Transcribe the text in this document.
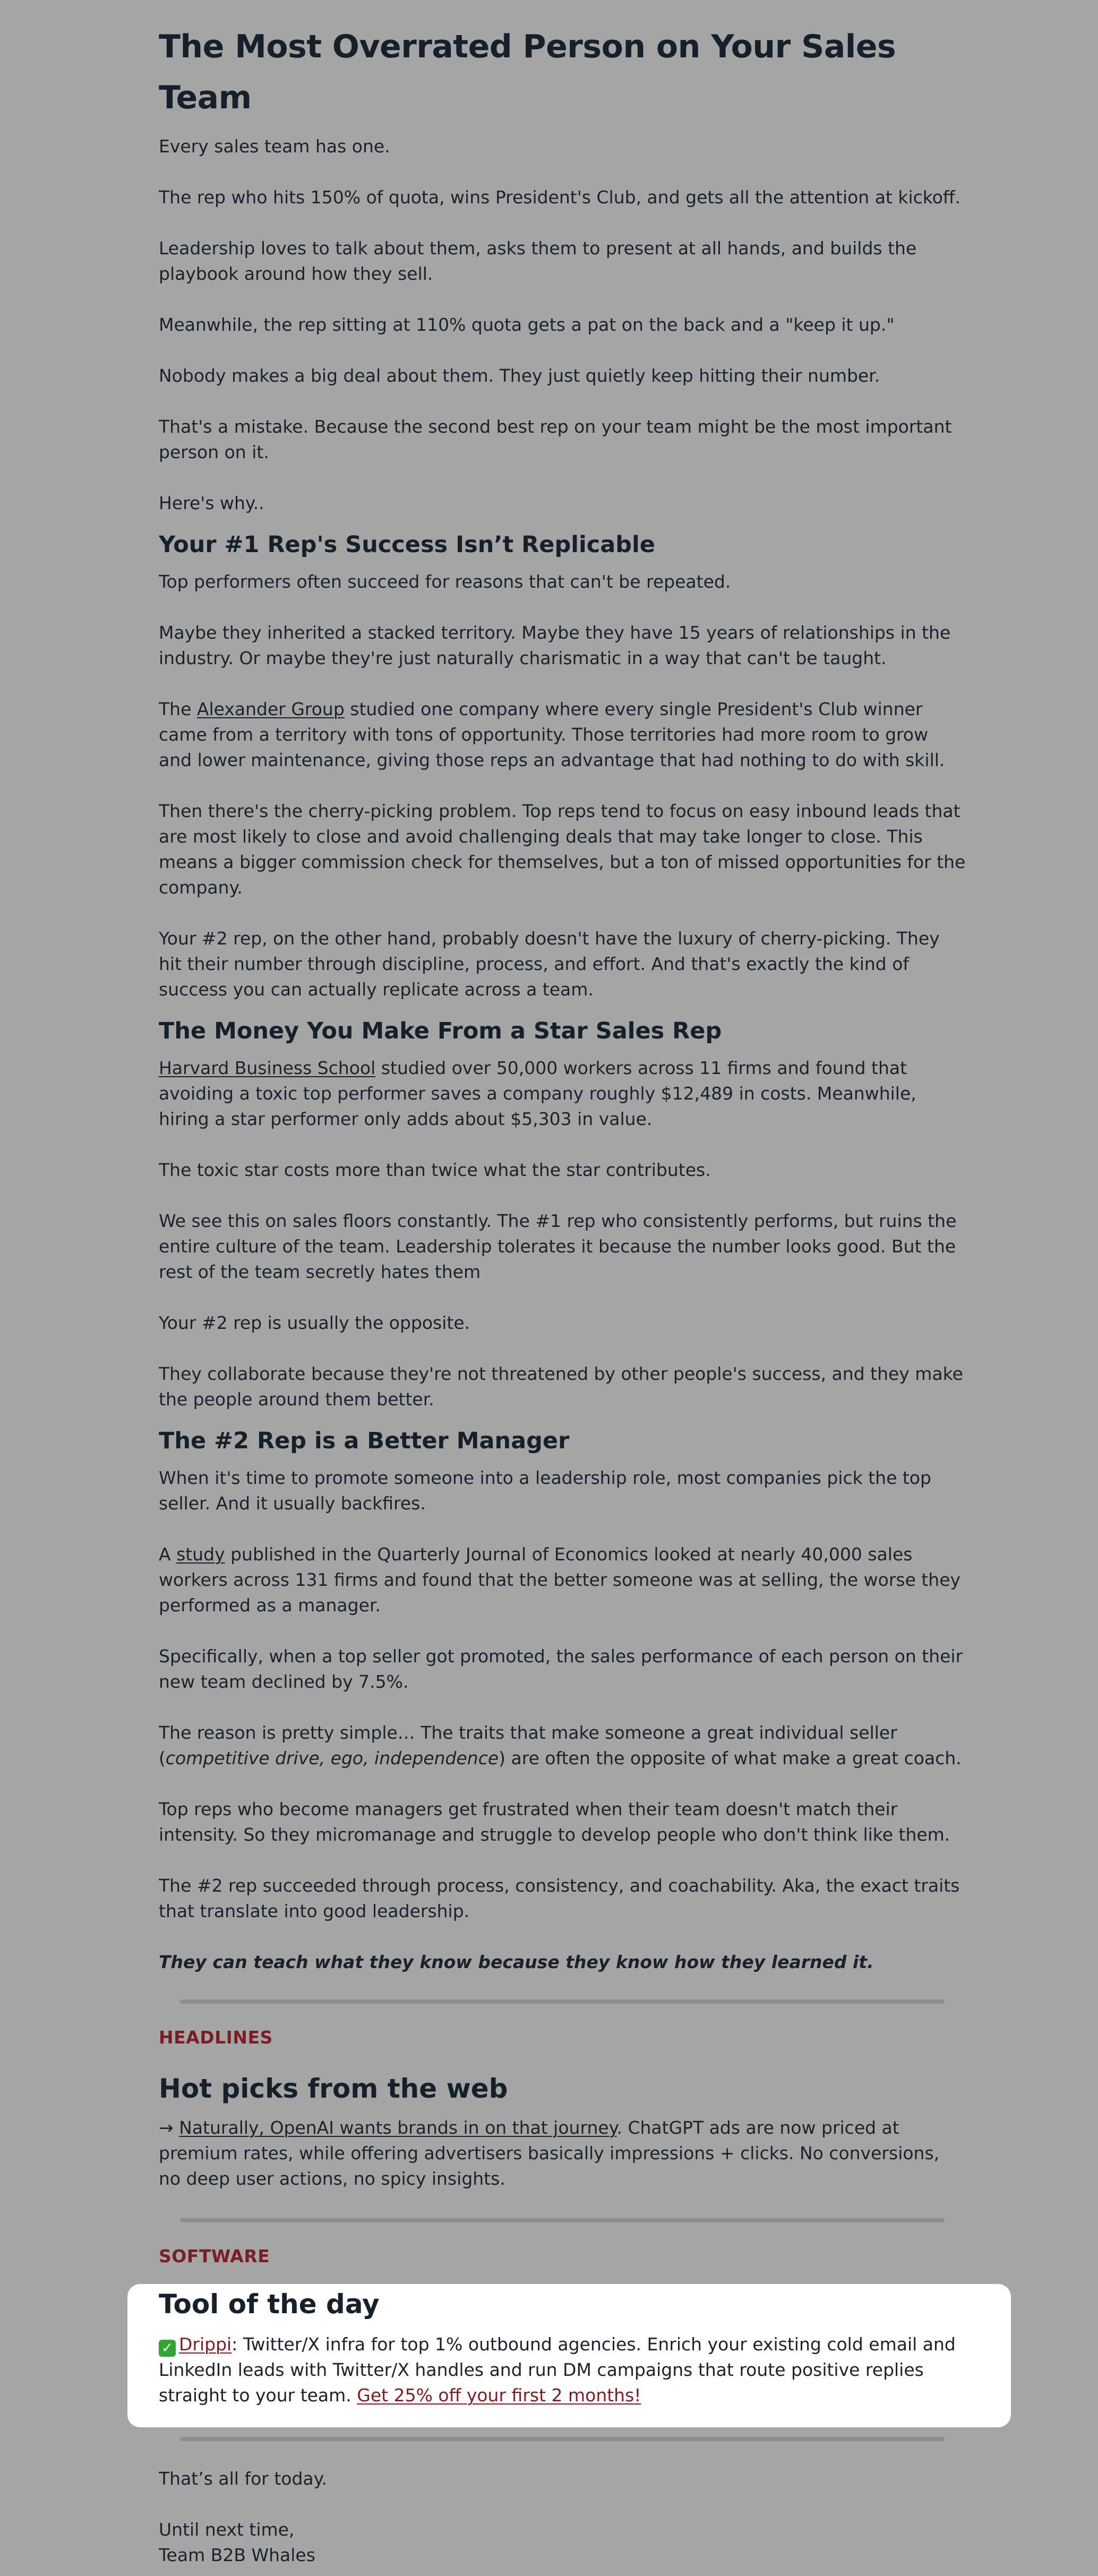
The Most Overrated Person on Your Sales Team

Every sales team has one.

The rep who hits 150% of quota, wins President's Club, and gets all the attention at kickoff.

Leadership loves to talk about them, asks them to present at all hands, and builds the playbook around how they sell.

Meanwhile, the rep sitting at 110% quota gets a pat on the back and a "keep it up."

Nobody makes a big deal about them. They just quietly keep hitting their number.

That's a mistake. Because the second best rep on your team might be the most important person on it.

Here's why..

Your #1 Rep's Success Isn’t Replicable

Top performers often succeed for reasons that can't be repeated.

Maybe they inherited a stacked territory. Maybe they have 15 years of relationships in the industry. Or maybe they're just naturally charismatic in a way that can't be taught.

The Alexander Group studied one company where every single President's Club winner came from a territory with tons of opportunity. Those territories had more room to grow and lower maintenance, giving those reps an advantage that had nothing to do with skill.

Then there's the cherry-picking problem. Top reps tend to focus on easy inbound leads that are most likely to close and avoid challenging deals that may take longer to close. This means a bigger commission check for themselves, but a ton of missed opportunities for the company.

Your #2 rep, on the other hand, probably doesn't have the luxury of cherry-picking. They hit their number through discipline, process, and effort. And that's exactly the kind of success you can actually replicate across a team.

The Money You Make From a Star Sales Rep

Harvard Business School studied over 50,000 workers across 11 firms and found that avoiding a toxic top performer saves a company roughly $12,489 in costs. Meanwhile, hiring a star performer only adds about $5,303 in value.

The toxic star costs more than twice what the star contributes.

We see this on sales floors constantly. The #1 rep who consistently performs, but ruins the entire culture of the team. Leadership tolerates it because the number looks good. But the rest of the team secretly hates them

Your #2 rep is usually the opposite.

They collaborate because they're not threatened by other people's success, and they make the people around them better.

The #2 Rep is a Better Manager

When it's time to promote someone into a leadership role, most companies pick the top seller. And it usually backfires.

A study published in the Quarterly Journal of Economics looked at nearly 40,000 sales workers across 131 firms and found that the better someone was at selling, the worse they performed as a manager.

Specifically, when a top seller got promoted, the sales performance of each person on their new team declined by 7.5%.

The reason is pretty simple… The traits that make someone a great individual seller (competitive drive, ego, independence) are often the opposite of what make a great coach.

Top reps who become managers get frustrated when their team doesn't match their intensity. So they micromanage and struggle to develop people who don't think like them.

The #2 rep succeeded through process, consistency, and coachability. Aka, the exact traits that translate into good leadership.

They can teach what they know because they know how they learned it.

HEADLINES

Hot picks from the web

→ Naturally, OpenAI wants brands in on that journey. ChatGPT ads are now priced at premium rates, while offering advertisers basically impressions + clicks. No conversions, no deep user actions, no spicy insights.

SOFTWARE

Tool of the day

✓ Drippi: Twitter/X infra for top 1% outbound agencies. Enrich your existing cold email and LinkedIn leads with Twitter/X handles and run DM campaigns that route positive replies straight to your team. Get 25% off your first 2 months!

That’s all for today.

Until next time,

Team B2B Whales
